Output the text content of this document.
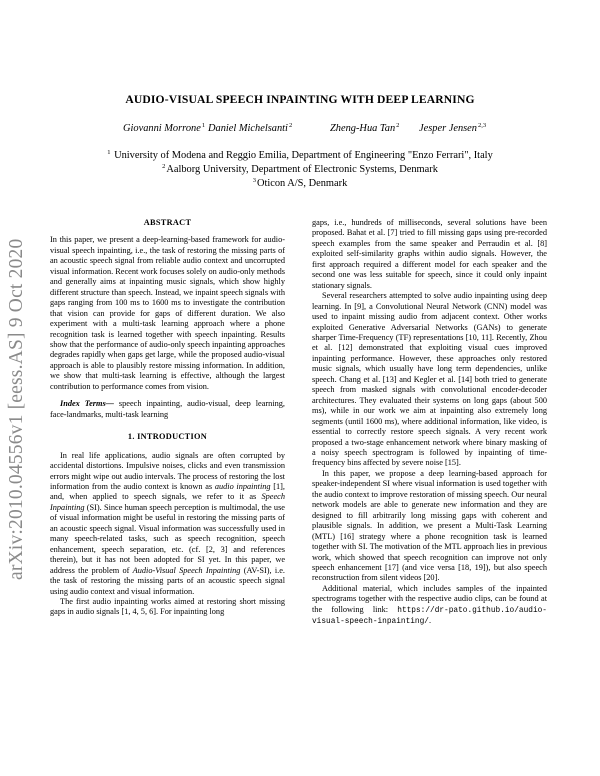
arXiv:2010.04556v1 [eess.AS] 9 Oct 2020
AUDIO-VISUAL SPEECH INPAINTING WITH DEEP LEARNING
Giovanni Morrone$^1$ Daniel Michelsanti$^2$	Zheng-Hua Tan$^2$ Jesper Jensen$^{2,3}$
$^1$ University of Modena and Reggio Emilia, Department of Engineering "Enzo Ferrari", Italy
$^2$Aalborg University, Department of Electronic Systems, Denmark
$^3$Oticon A/S, Denmark
ABSTRACT

In this paper, we present a deep-learning-based framework for audio-visual speech inpainting, i.e., the task of restoring the missing parts of an acoustic speech signal from reliable audio context and uncorrupted visual information. Recent work focuses solely on audio-only methods and generally aims at inpainting music signals, which show highly different structure than speech. Instead, we inpaint speech signals with gaps ranging from 100 ms to 1600 ms to investigate the contribution that vision can provide for gaps of different duration. We also experiment with a multi-task learning approach where a phone recognition task is learned together with speech inpainting. Results show that the performance of audio-only speech inpainting approaches degrades rapidly when gaps get large, while the proposed audio-visual approach is able to plausibly restore missing information. In addition, we show that multi-task learning is effective, although the largest contribution to performance comes from vision.

Index Terms— speech inpainting, audio-visual, deep learning, face-landmarks, multi-task learning

1. INTRODUCTION

In real life applications, audio signals are often corrupted by accidental distortions. Impulsive noises, clicks and even transmission errors might wipe out audio intervals. The process of restoring the lost information from the audio context is known as audio inpainting [1], and, when applied to speech signals, we refer to it as Speech Inpainting (SI). Since human speech perception is multimodal, the use of visual information might be useful in restoring the missing parts of an acoustic speech signal. Visual information was successfully used in many speech-related tasks, such as speech recognition, speech enhancement, speech separation, etc. (cf. [2, 3] and references therein), but it has not been adopted for SI yet. In this paper, we address the problem of Audio-Visual Speech Inpainting (AV-SI), i.e. the task of restoring the missing parts of an acoustic speech signal using audio context and visual information.

The first audio inpainting works aimed at restoring short missing gaps in audio signals [1, 4, 5, 6]. For inpainting long

gaps, i.e., hundreds of milliseconds, several solutions have been proposed. Bahat et al. [7] tried to fill missing gaps using pre-recorded speech examples from the same speaker and Perraudin et al. [8] exploited self-similarity graphs within audio signals. However, the first approach required a different model for each speaker and the second one was less suitable for speech, since it could only inpaint stationary signals.

Several researchers attempted to solve audio inpainting using deep learning. In [9], a Convolutional Neural Network (CNN) model was used to inpaint missing audio from adjacent context. Other works exploited Generative Adversarial Networks (GANs) to generate sharper Time-Frequency (TF) representations [10, 11]. Recently, Zhou et al. [12] demonstrated that exploiting visual cues improved inpainting performance. However, these approaches only restored music signals, which usually have long term dependencies, unlike speech. Chang et al. [13] and Kegler et al. [14] both tried to generate speech from masked signals with convolutional encoder-decoder architectures. They evaluated their systems on long gaps (about 500 ms), while in our work we aim at inpainting also extremely long segments (until 1600 ms), where additional information, like video, is essential to correctly restore speech signals. A very recent work proposed a two-stage enhancement network where binary masking of a noisy speech spectrogram is followed by inpainting of time-frequency bins affected by severe noise [15].

In this paper, we propose a deep learning-based approach for speaker-independent SI where visual information is used together with the audio context to improve restoration of missing speech. Our neural network models are able to generate new information and they are designed to fill arbitrarily long missing gaps with coherent and plausible signals. In addition, we present a Multi-Task Learning (MTL) [16] strategy where a phone recognition task is learned together with SI. The motivation of the MTL approach lies in previous work, which showed that speech recognition can improve not only speech enhancement [17] (and vice versa [18, 19]), but also speech reconstruction from silent videos [20].

Additional material, which includes samples of the inpainted spectrograms together with the respective audio clips, can be found at the following link: https://dr-pato.github.io/audio-visual-speech-inpainting/.
